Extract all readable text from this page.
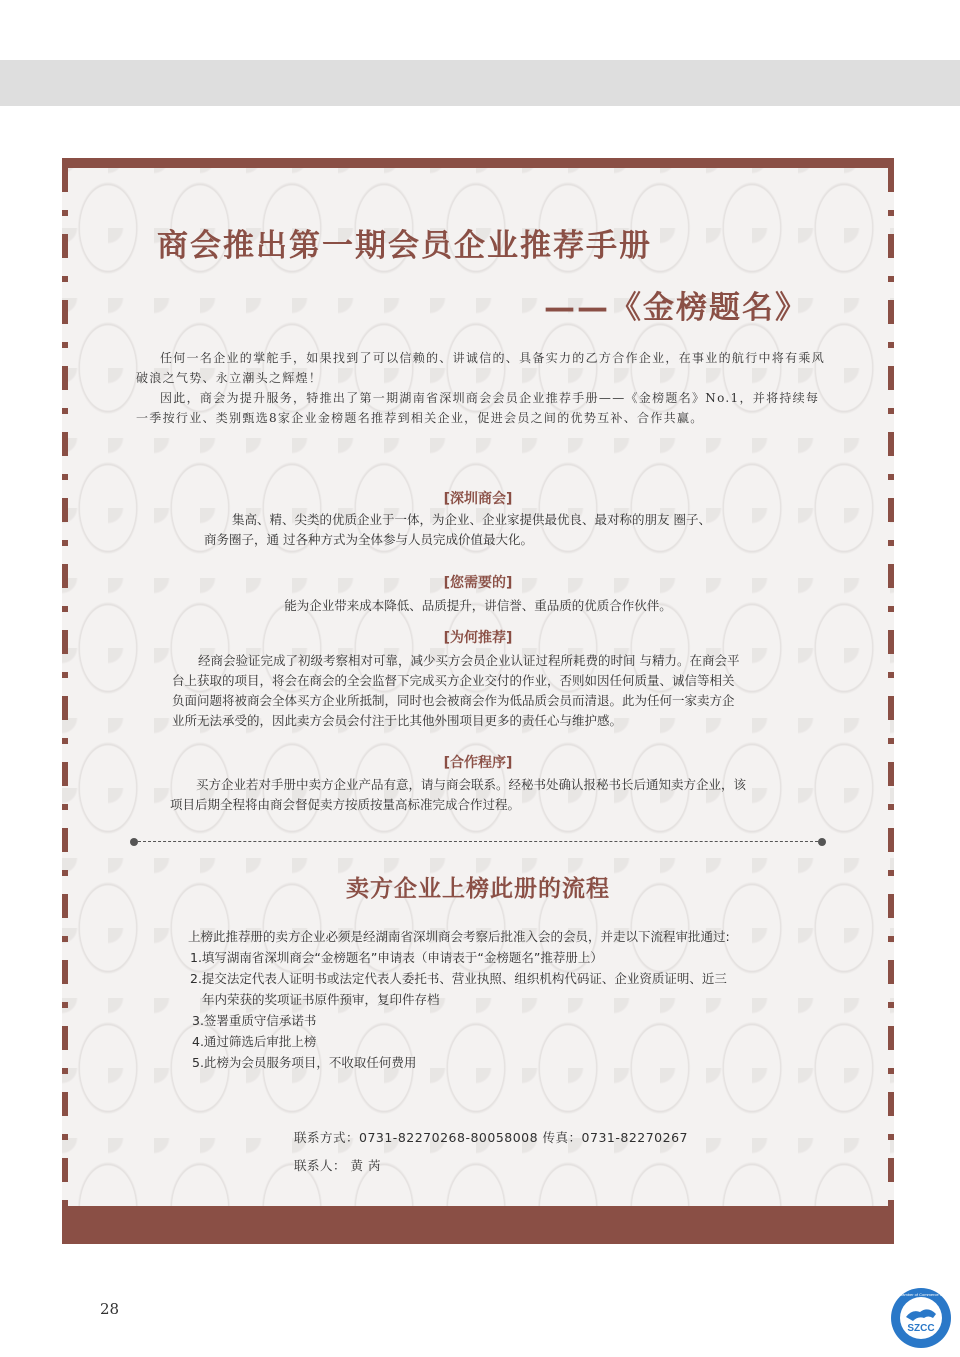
商会推出第一期会员企业推荐手册
——《金榜题名》

任何一名企业的掌舵手，如果找到了可以信赖的、讲诚信的、具备实力的乙方合作企业，在事业的航行中将有乘风破浪之气势、永立潮头之辉煌！

因此，商会为提升服务，特推出了第一期湖南省深圳商会会员企业推荐手册——《金榜题名》No.1，并将持续每一季按行业、类别甄选8家企业金榜题名推荐到相关企业，促进会员之间的优势互补、合作共赢。

[深圳商会]

集高、精、尖类的优质企业于一体，为企业、企业家提供最优良、最对称的朋友 圈子、

商务圈子，通 过各种方式为全体参与人员完成价值最大化。

[您需要的]

能为企业带来成本降低、品质提升，讲信誉、重品质的优质合作伙伴。

[为何推荐]

经商会验证完成了初级考察相对可靠，减少买方会员企业认证过程所耗费的时间 与精力。在商会平

台上获取的项目，将会在商会的全会监督下完成买方企业交付的作业，否则如因任何质量、诚信等相关

负面问题将被商会全体买方企业所抵制，同时也会被商会作为低品质会员而清退。此为任何一家卖方企

业所无法承受的，因此卖方会员会付注于比其他外围项目更多的责任心与维护感。

[合作程序]

买方企业若对手册中卖方企业产品有意，请与商会联系。经秘书处确认报秘书长后通知卖方企业，该

项目后期全程将由商会督促卖方按质按量高标准完成合作过程。

卖方企业上榜此册的流程

上榜此推荐册的卖方企业必须是经湖南省深圳商会考察后批准入会的会员，并走以下流程审批通过:

1.填写湖南省深圳商会“金榜题名”申请表（申请表于“金榜题名”推荐册上）

2.提交法定代表人证明书或法定代表人委托书、营业执照、组织机构代码证、企业资质证明、近三

年内荣获的奖项证书原件预审，复印件存档

3.签署重质守信承诺书

4.通过筛选后审批上榜

5.此榜为会员服务项目，不收取任何费用

联系方式：0731-82270268-80058008 传真：0731-82270267

联系人： 黄 芮

28
SZCC
Hunan Chamber of Commerce Shenzhen
